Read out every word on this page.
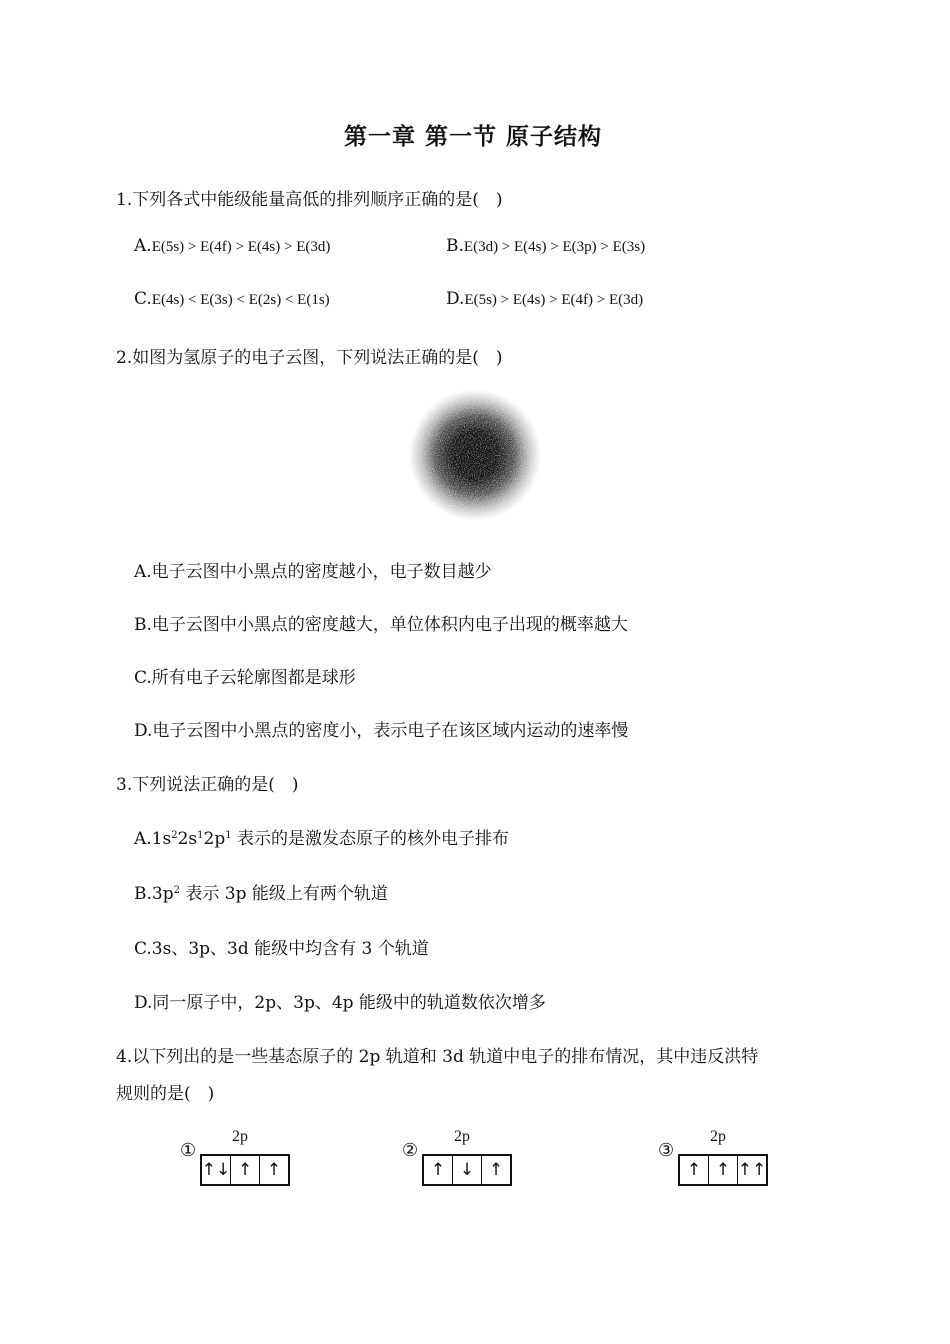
第一章 第一节 原子结构
1.下列各式中能级能量高低的排列顺序正确的是(　)
A.E(5s) > E(4f) > E(4s) > E(3d)	B.E(3d) > E(4s) > E(3p) > E(3s)
C.E(4s) < E(3s) < E(2s) < E(1s)	D.E(5s) > E(4s) > E(4f) > E(3d)
2.如图为氢原子的电子云图，下列说法正确的是(　)
A.电子云图中小黑点的密度越小，电子数目越少
B.电子云图中小黑点的密度越大，单位体积内电子出现的概率越大
C.所有电子云轮廓图都是球形
D.电子云图中小黑点的密度小，表示电子在该区域内运动的速率慢
3.下列说法正确的是(　)
$A.1s^22s^12p^1$ 表示的是激发态原子的核外电子排布
$B.3p^2$ 表示 3p 能级上有两个轨道
C.3s、3p、3d 能级中均含有 3 个轨道
D.同一原子中，2p、3p、4p 能级中的轨道数依次增多
4.以下列出的是一些基态原子的 2p 轨道和 3d 轨道中电子的排布情况，其中违反洪特
规则的是(　)
①
2p
↑↓ ↑ ↑
②
2p
↑ ↓ ↑
③
2p
↑ ↑ ↑↑
